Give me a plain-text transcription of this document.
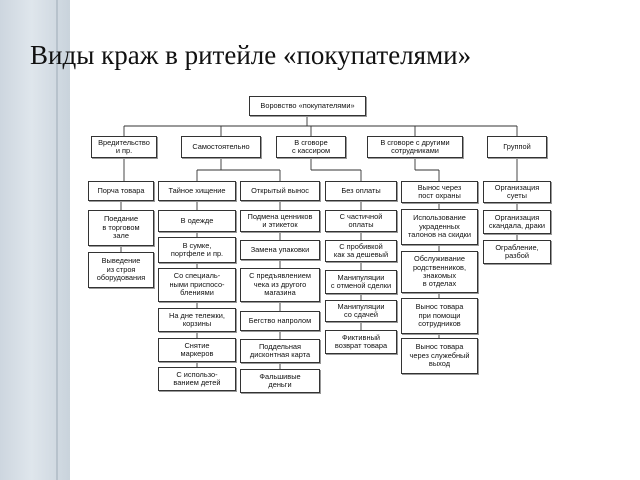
Виды краж в ритейле «покупателями»
Воровство «покупателями»
Вредительство
и пр.	Самостоятельно	В сговоре
с кассиром
В сговоре с другими
сотрудниками	Группой
Порча товара
Поедание
в торговом
зале
Выведение
из строя
оборудования
Тайное хищение
В одежде
В сумке,
портфеле и пр.
Со специаль-
ными приспосо-
блениями
На дне тележки,
корзины
Снятие
маркеров
С использо-
ванием детей
Открытый вынос
Подмена ценников
и этикеток
Замена упаковки
С предъявлением
чека из другого
магазина
Бегство напролом
Поддельная
дисконтная карта
Фальшивые
деньги
Без оплаты
С частичной
оплаты
С пробивкой
как за дешевый
Манипуляции
с отменой сделки
Манипуляции
со сдачей
Фиктивный
возврат товара
Вынос через
пост охраны
Использование
украденных
талонов на скидки
Обслуживание
родственников,
знакомых
в отделах
Вынос товара
при помощи
сотрудников
Вынос товара
через служебный
выход
Организация
суеты
Организация
скандала, драки
Ограбление,
разбой
